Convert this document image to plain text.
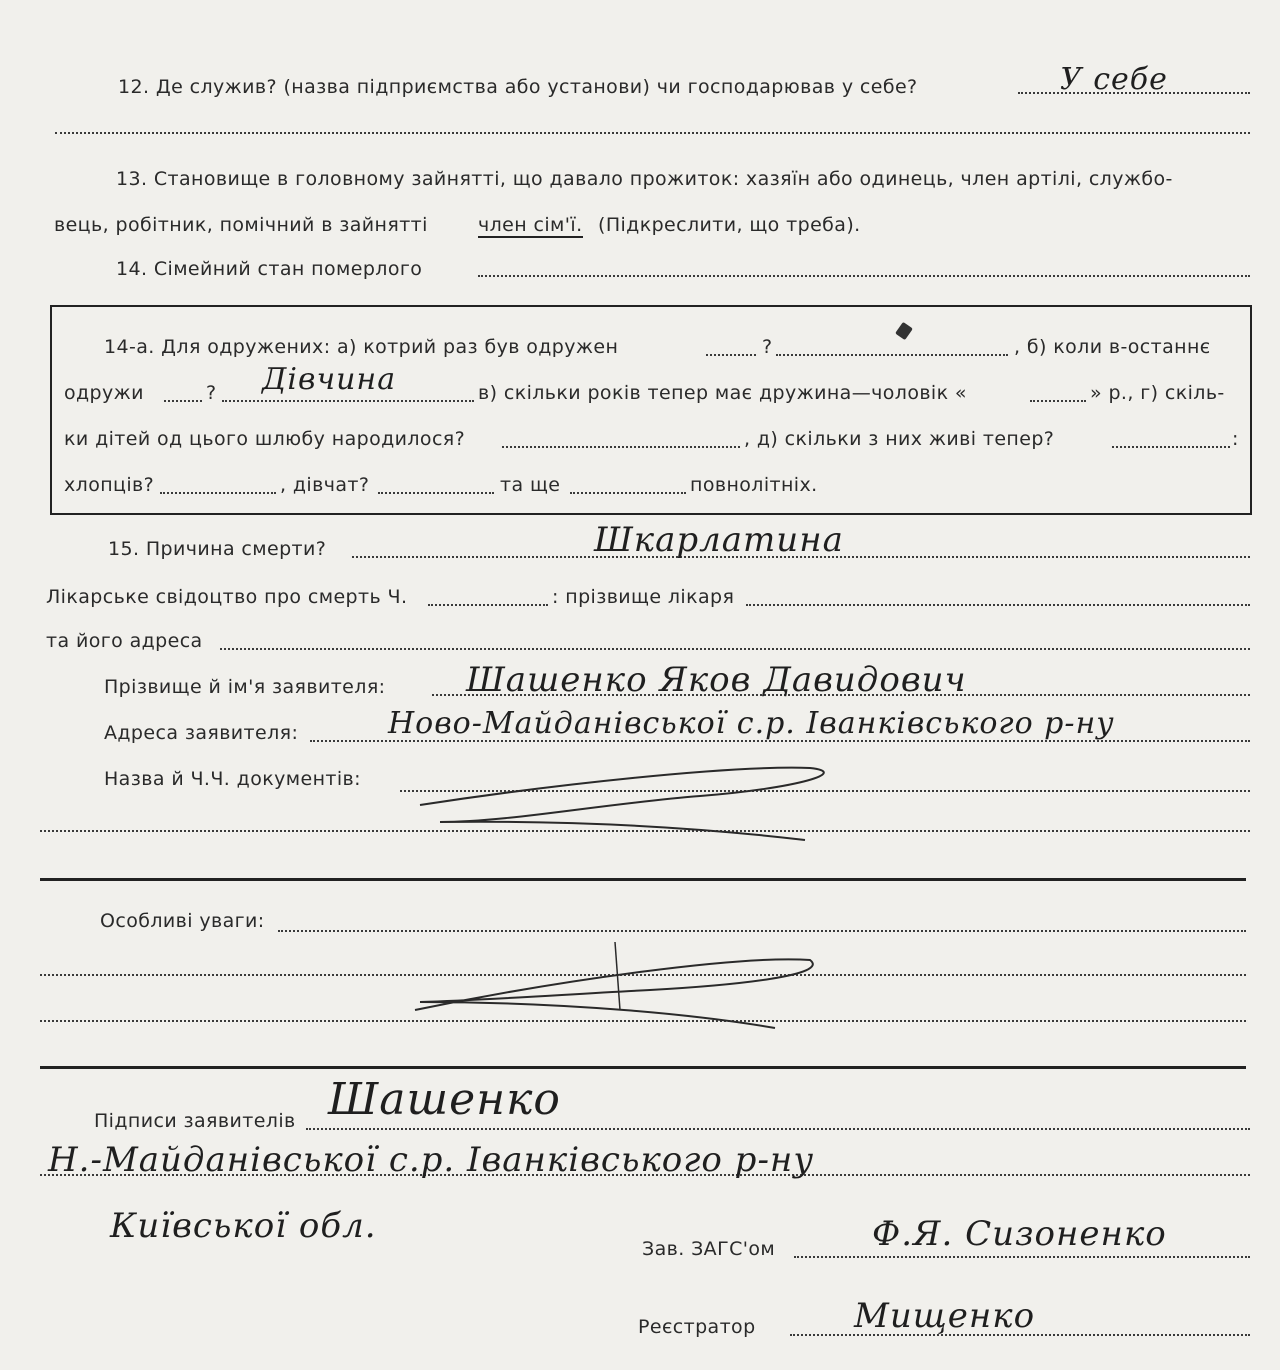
12. Де служив? (назва підприємства або установи) чи господарював у себе?	У себе
13. Становище в головному зайнятті, що давало прожиток: хазяїн або одинець, член артілі, службо-
вець, робітник, помічний в зайнятті	член сім'ї. (Підкреслити, що треба).
14. Сімейний стан померлого
14-а. Для одружених: а) котрий раз був одружен	?	, б) коли в-останнє
одружи	? Дівчина	в) скільки років тепер має дружина—чоловік «	» р., г) скіль-
ки дітей од цього шлюбу народилося?	, д) скільки з них живі тепер?	:
хлопців?	, дівчат?	та ще	повнолітніх.
15. Причина смерти?	Шкарлатина
Лікарське свідоцтво про смерть Ч.	: прізвище лікаря
та його адреса
Прізвище й ім'я заявителя: Шашенко Яков Давидович
Адреса заявителя:	Ново-Майданівської с.р. Іванківського р-ну
Назва й Ч.Ч. документів:
Особливі уваги:
Підписи заявителів Шашенко
Н.-Майданівської с.р. Іванківського р-ну
Київської обл.
Зав. ЗАГС'ом	Ф.Я. Сизоненко
Реєстратор	Мищенко
